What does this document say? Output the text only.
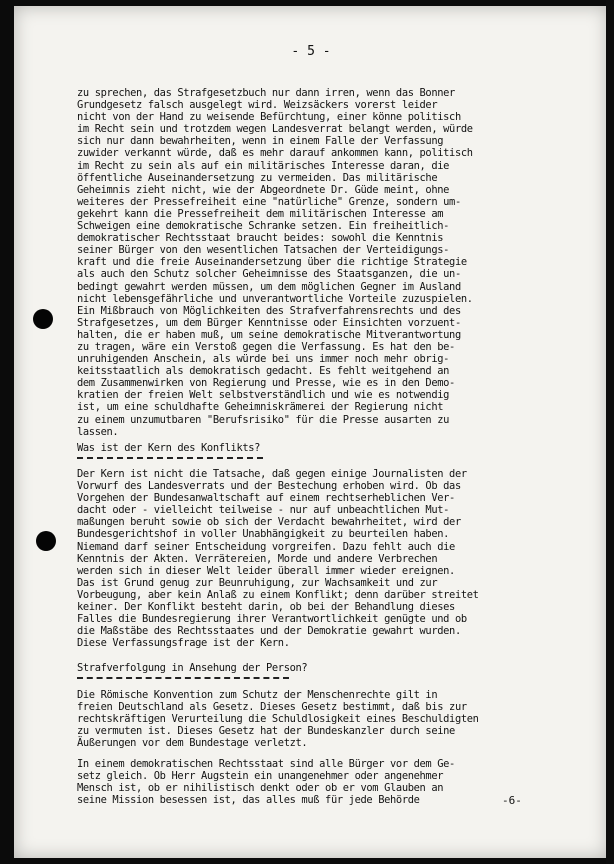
- 5 -
zu sprechen, das Strafgesetzbuch nur dann irren, wenn das Bonner
Grundgesetz falsch ausgelegt wird. Weizsäckers vorerst leider
nicht von der Hand zu weisende Befürchtung, einer könne politisch
im Recht sein und trotzdem wegen Landesverrat belangt werden, würde
sich nur dann bewahrheiten, wenn in einem Falle der Verfassung
zuwider verkannt würde, daß es mehr darauf ankommen kann, politisch
im Recht zu sein als auf ein militärisches Interesse daran, die
öffentliche Auseinandersetzung zu vermeiden. Das militärische
Geheimnis zieht nicht, wie der Abgeordnete Dr. Güde meint, ohne
weiteres der Pressefreiheit eine "natürliche" Grenze, sondern um-
gekehrt kann die Pressefreiheit dem militärischen Interesse am
Schweigen eine demokratische Schranke setzen. Ein freiheitlich-
demokratischer Rechtsstaat braucht beides: sowohl die Kenntnis
seiner Bürger von den wesentlichen Tatsachen der Verteidigungs-
kraft und die freie Auseinandersetzung über die richtige Strategie
als auch den Schutz solcher Geheimnisse des Staatsganzen, die un-
bedingt gewahrt werden müssen, um dem möglichen Gegner im Ausland
nicht lebensgefährliche und unverantwortliche Vorteile zuzuspielen.
Ein Mißbrauch von Möglichkeiten des Strafverfahrensrechts und des
Strafgesetzes, um dem Bürger Kenntnisse oder Einsichten vorzuent-
halten, die er haben muß, um seine demokratische Mitverantwortung
zu tragen, wäre ein Verstoß gegen die Verfassung. Es hat den be-
unruhigenden Anschein, als würde bei uns immer noch mehr obrig-
keitsstaatlich als demokratisch gedacht. Es fehlt weitgehend an
dem Zusammenwirken von Regierung und Presse, wie es in den Demo-
kratien der freien Welt selbstverständlich und wie es notwendig
ist, um eine schuldhafte Geheimniskrämerei der Regierung nicht
zu einem unzumutbaren "Berufsrisiko" für die Presse ausarten zu
lassen.
Was ist der Kern des Konflikts?
Der Kern ist nicht die Tatsache, daß gegen einige Journalisten der
Vorwurf des Landesverrats und der Bestechung erhoben wird. Ob das
Vorgehen der Bundesanwaltschaft auf einem rechtserheblichen Ver-
dacht oder - vielleicht teilweise - nur auf unbeachtlichen Mut-
maßungen beruht sowie ob sich der Verdacht bewahrheitet, wird der
Bundesgerichtshof in voller Unabhängigkeit zu beurteilen haben.
Niemand darf seiner Entscheidung vorgreifen. Dazu fehlt auch die
Kenntnis der Akten. Verrätereien, Morde und andere Verbrechen
werden sich in dieser Welt leider überall immer wieder ereignen.
Das ist Grund genug zur Beunruhigung, zur Wachsamkeit und zur
Vorbeugung, aber kein Anlaß zu einem Konflikt; denn darüber streitet
keiner. Der Konflikt besteht darin, ob bei der Behandlung dieses
Falles die Bundesregierung ihrer Verantwortlichkeit genügte und ob
die Maßstäbe des Rechtsstaates und der Demokratie gewahrt wurden.
Diese Verfassungsfrage ist der Kern.
Strafverfolgung in Ansehung der Person?
Die Römische Konvention zum Schutz der Menschenrechte gilt in
freien Deutschland als Gesetz. Dieses Gesetz bestimmt, daß bis zur
rechtskräftigen Verurteilung die Schuldlosigkeit eines Beschuldigten
zu vermuten ist. Dieses Gesetz hat der Bundeskanzler durch seine
Äußerungen vor dem Bundestage verletzt.
In einem demokratischen Rechtsstaat sind alle Bürger vor dem Ge-
setz gleich. Ob Herr Augstein ein unangenehmer oder angenehmer
Mensch ist, ob er nihilistisch denkt oder ob er vom Glauben an
seine Mission besessen ist, das alles muß für jede Behörde	-6-
